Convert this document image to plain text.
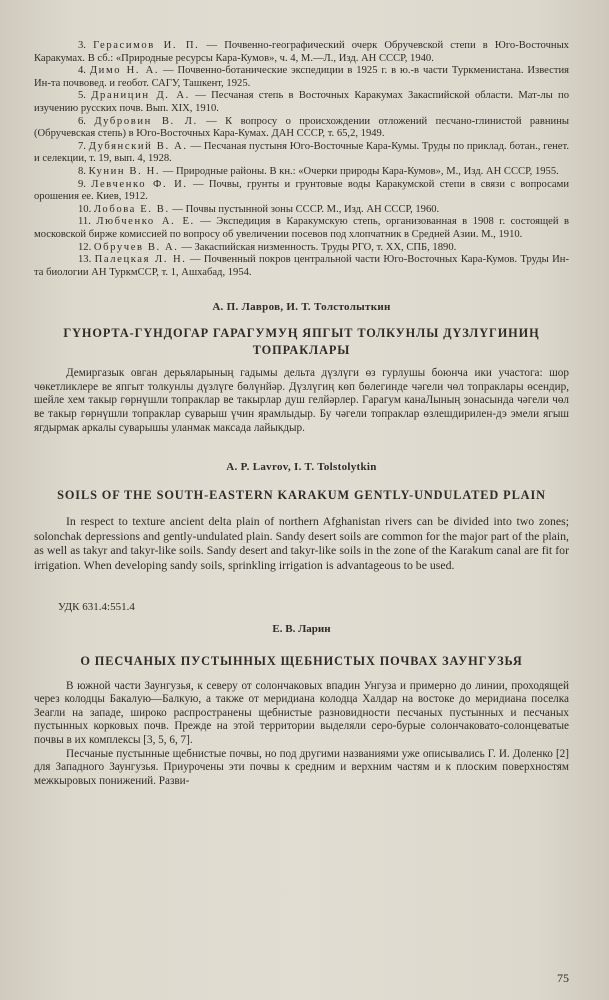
3. Герасимов И. П. — Почвенно-географический очерк Обручевской степи в Юго-Восточных Каракумах. В сб.: «Природные ресурсы Кара-Кумов», ч. 4, М.—Л., Изд. АН СССР, 1940.

4. Димо Н. А. — Почвенно-ботанические экспедиции в 1925 г. в ю.-в части Туркменистана. Известия Ин-та почвовед. и геобот. САГУ, Ташкент, 1925.

5. Драницин Д. А. — Песчаная степь в Восточных Каракумах Закаспийской области. Мат-лы по изучению русских почв. Вып. XIX, 1910.

6. Дубровин В. Л. — К вопросу о происхождении отложений песчано-глинистой равнины (Обручевская степь) в Юго-Восточных Кара-Кумах. ДАН СССР, т. 65,2, 1949.

7. Дубянский В. А. — Песчаная пустыня Юго-Восточные Кара-Кумы. Труды по приклад. ботан., генет. и селекции, т. 19, вып. 4, 1928.

8. Кунин В. Н. — Природные районы. В кн.: «Очерки природы Кара-Кумов», М., Изд. АН СССР, 1955.

9. Левченко Ф. И. — Почвы, грунты и грунтовые воды Каракумской степи в связи с вопросами орошения ее. Киев, 1912.

10. Лобова Е. В. — Почвы пустынной зоны СССР. М., Изд. АН СССР, 1960.

11. Любченко А. Е. — Экспедиция в Каракумскую степь, организованная в 1908 г. состоящей в московской бирже комиссией по вопросу об увеличении посевов под хлопчатник в Средней Азии. М., 1910.

12. Обручев В. А. — Закаспийская низменность. Труды РГО, т. XX, СПБ, 1890.

13. Палецкая Л. Н. — Почвенный покров центральной части Юго-Восточных Кара-Кумов. Труды Ин-та биологии АН ТуркмССР, т. 1, Ашхабад, 1954.

А. П. Лавров, И. Т. Толстолыткин

ГҮНОРТА-ГҮНДОГАР ГАРАГУМУҢ ЯПГЫТ ТОЛКУНЛЫ ДҮЗЛҮГИНИҢ ТОПРАКЛАРЫ

Демиргазык овган дерьяларының гадымы дельта дүзлүги өз гурлушы боюнча ики участога: шор чөкетликлере ве япгыт толкунлы дүзлүге бөлүнйәр. Дүзлүгиң көп бөлегинде чәгели чөл топраклары өсендир, шейле хем такыр гөрнүшли топраклар ве такырлар душ гелйәрлер. Гарагум канаЛының зонасында чәгели чөл ве такыр гөрнүшли топраклар суварыш үчин ярамлыдыр. Бу чәгели топраклар өзлешдирилен-дэ эмели ягыш ягдырмак аркалы суварышы уланмак максада лайыкдыр.

A. P. Lavrov, I. T. Tolstolytkin

SOILS OF THE SOUTH-EASTERN KARAKUM GENTLY-UNDULATED PLAIN

In respect to texture ancient delta plain of northern Afghanistan rivers can be divided into two zones; solonchak depressions and gently-undulated plain. Sandy desert soils are common for the major part of the plain, as well as takyr and takyr-like soils. Sandy desert and takyr-like soils in the zone of the Karakum canal are fit for irrigation. When developing sandy soils, sprinkling irrigation is advantageous to be used.

УДК 631.4:551.4

Е. В. Ларин

О ПЕСЧАНЫХ ПУСТЫННЫХ ЩЕБНИСТЫХ ПОЧВАХ ЗАУНГУЗЬЯ

В южной части Заунгузья, к северу от солончаковых впадин Унгуза и примерно до линии, проходящей через колодцы Бакалую—Балкую, а также от меридиана колодца Халдар на востоке до меридиана поселка Зеагли на западе, широко распространены щебнистые разновидности песчаных пустынных и песчаных пустынных корковых почв. Прежде на этой территории выделяли серо-бурые солончаковато-солонцеватые почвы в их комплексы [3, 5, 6, 7].

Песчаные пустынные щебнистые почвы, но под другими названиями уже описывались Г. И. Доленко [2] для Западного Заунгузья. Приурочены эти почвы к средним и верхним частям и к плоским поверхностям межкыровых понижений. Разви-

75
